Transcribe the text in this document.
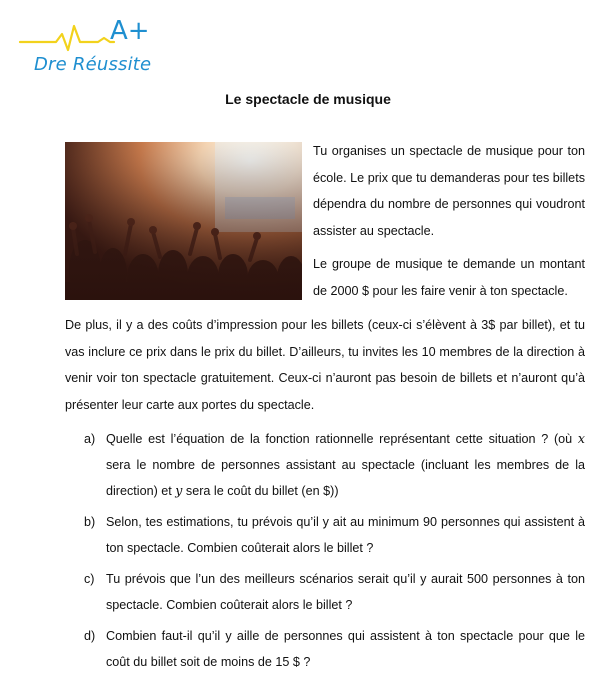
A+
Dre Réussite
Le spectacle de musique

Tu organises un spectacle de musique pour ton école. Le prix que tu demanderas pour tes billets dépendra du nombre de personnes qui voudront assister au spectacle.

Le groupe de musique te demande un montant de 2000 $ pour les faire venir à ton spectacle.

De plus, il y a des coûts d’impression pour les billets (ceux-ci s’élèvent à 3$ par billet), et tu vas inclure ce prix dans le prix du billet. D’ailleurs, tu invites les 10 membres de la direction à venir voir ton spectacle gratuitement. Ceux-ci n’auront pas besoin de billets et n’auront qu’à présenter leur carte aux portes du spectacle.

a) Quelle est l’équation de la fonction rationnelle représentant cette situation ? (où x sera le nombre de personnes assistant au spectacle (incluant les membres de la direction) et y sera le coût du billet (en $))
b) Selon, tes estimations, tu prévois qu’il y ait au minimum 90 personnes qui assistent à ton spectacle. Combien coûterait alors le billet ?
c) Tu prévois que l’un des meilleurs scénarios serait qu’il y aurait 500 personnes à ton spectacle. Combien coûterait alors le billet ?
d) Combien faut-il qu’il y aille de personnes qui assistent à ton spectacle pour que le coût du billet soit de moins de 15 $ ?
